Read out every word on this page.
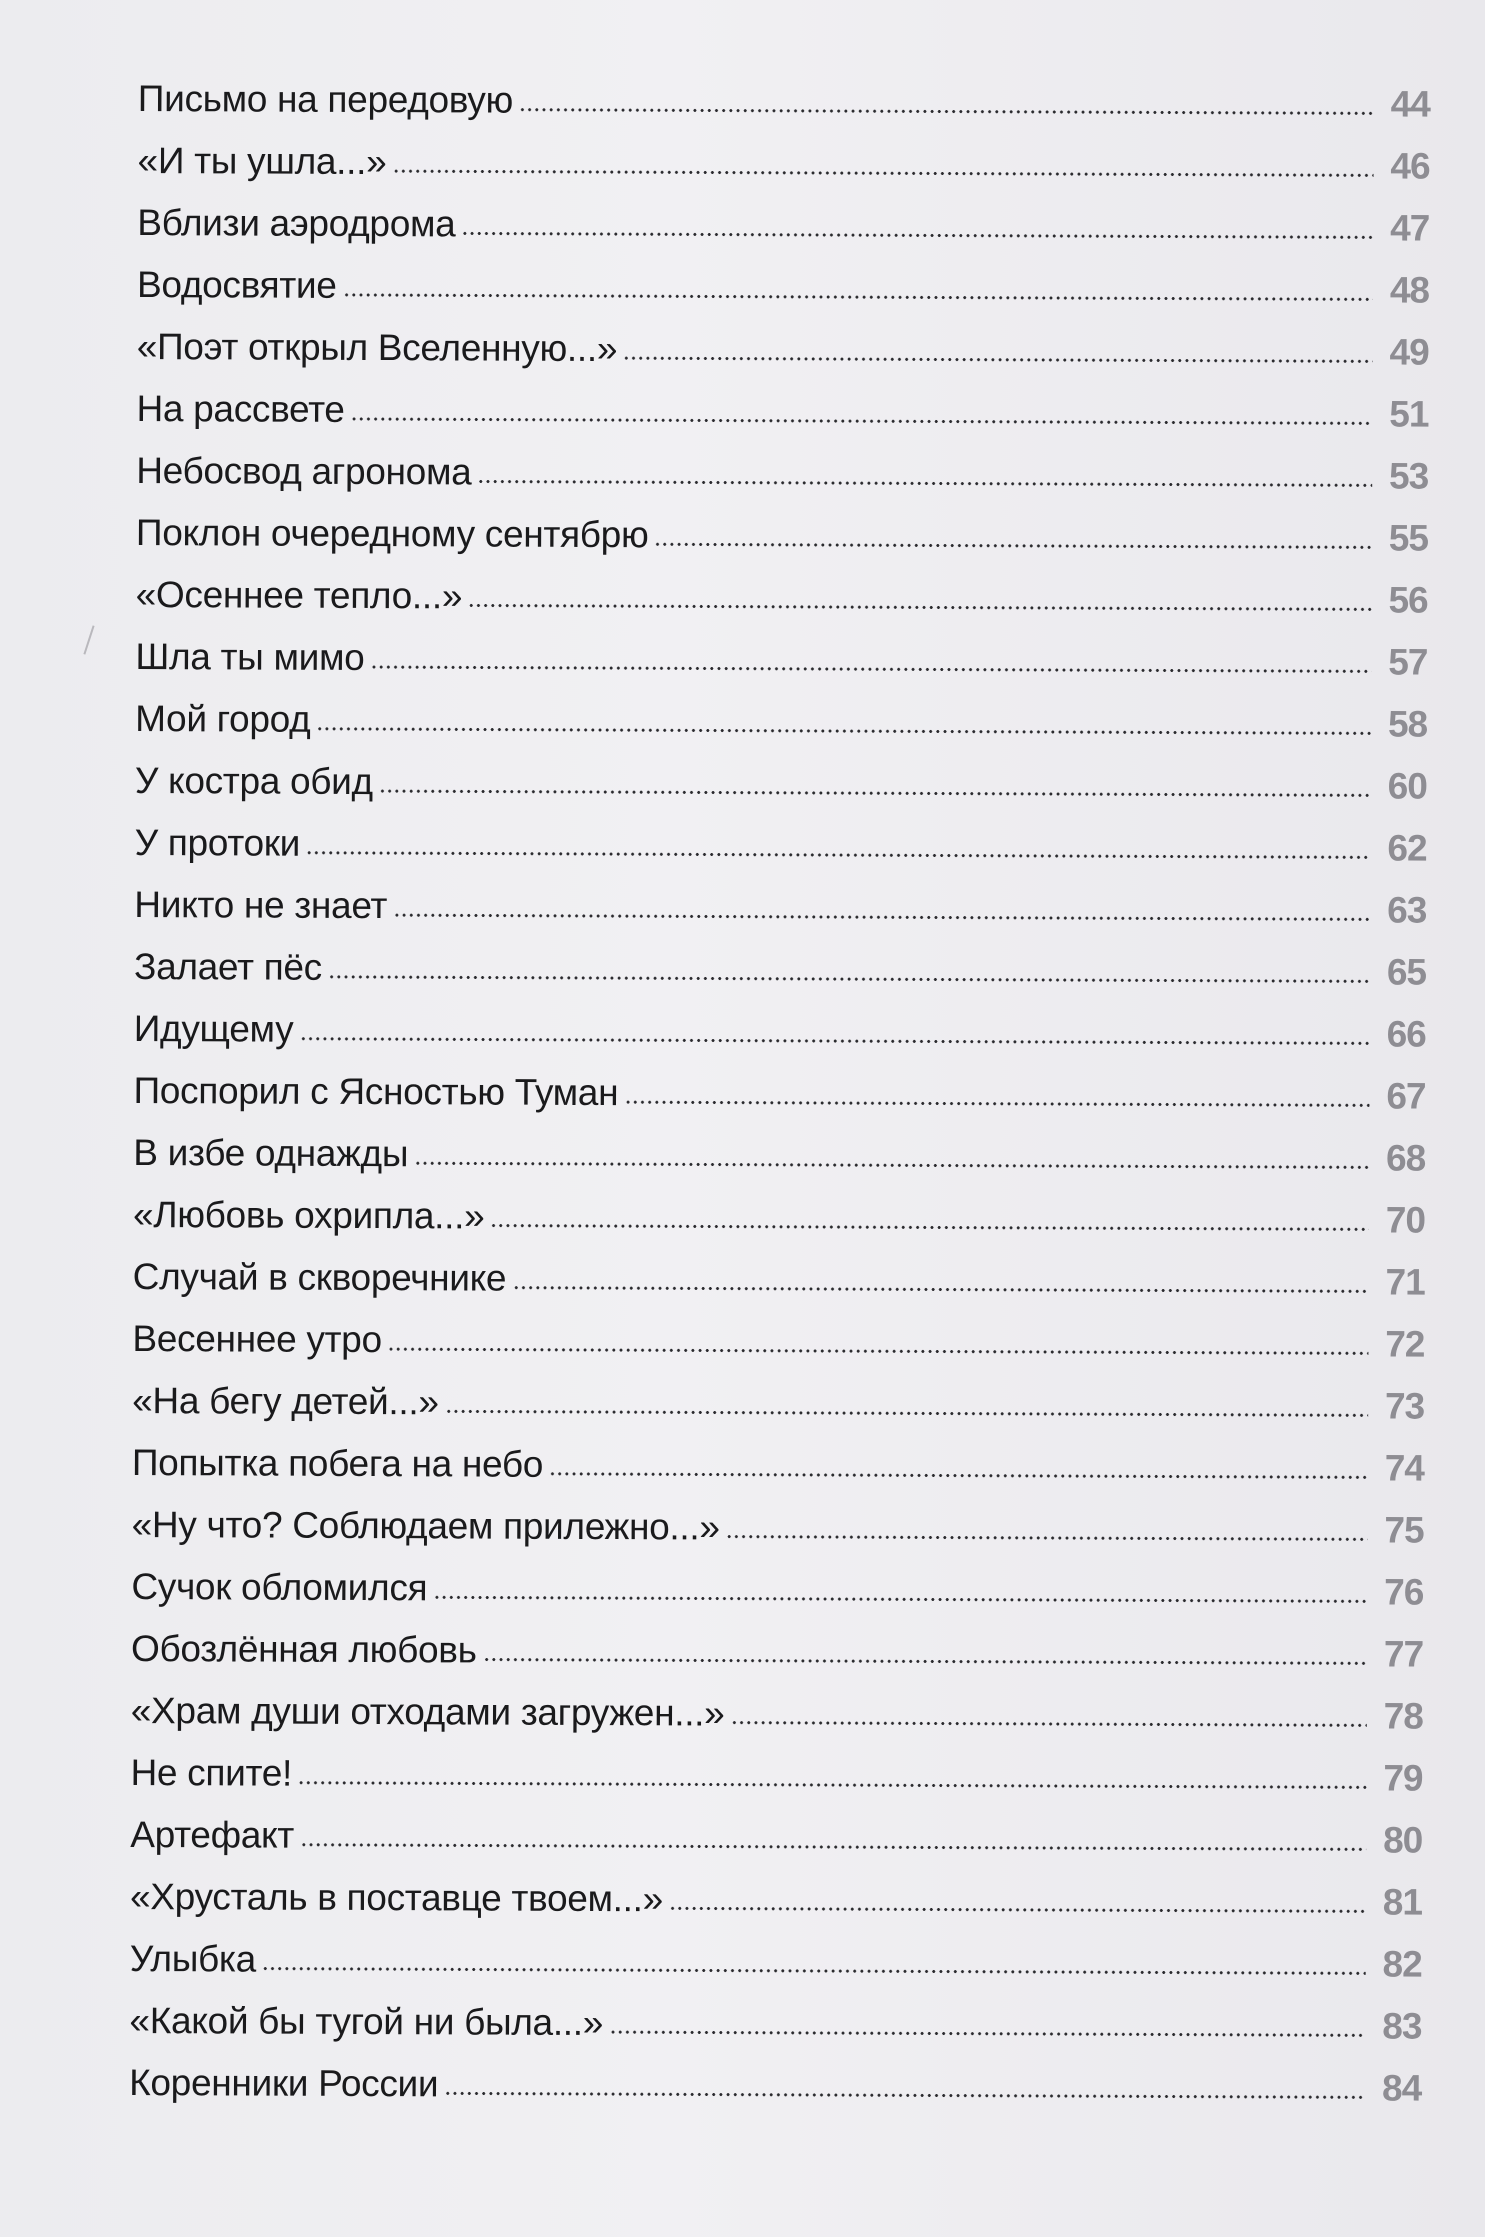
Письмо на передовую	44
«И ты ушла...»	46
Вблизи аэродрома	47
Водосвятие	48
«Поэт открыл Вселенную...»	49
На рассвете	51
Небосвод агронома	53
Поклон очередному сентябрю	55
«Осеннее тепло...»	56
Шла ты мимо	57
Мой город	58
У костра обид	60
У протоки	62
Никто не знает	63
Залает пёс	65
Идущему	66
Поспорил с Ясностью Туман	67
В избе однажды	68
«Любовь охрипла...»	70
Случай в скворечнике	71
Весеннее утро	72
«На бегу детей...»	73
Попытка побега на небо	74
«Ну что? Соблюдаем прилежно...»	75
Сучок обломился	76
Обозлённая любовь	77
«Храм души отходами загружен...»	78
Не спите!	79
Артефакт	80
«Хрусталь в поставце твоем...»	81
Улыбка	82
«Какой бы тугой ни была...»	83
Коренники России	84
